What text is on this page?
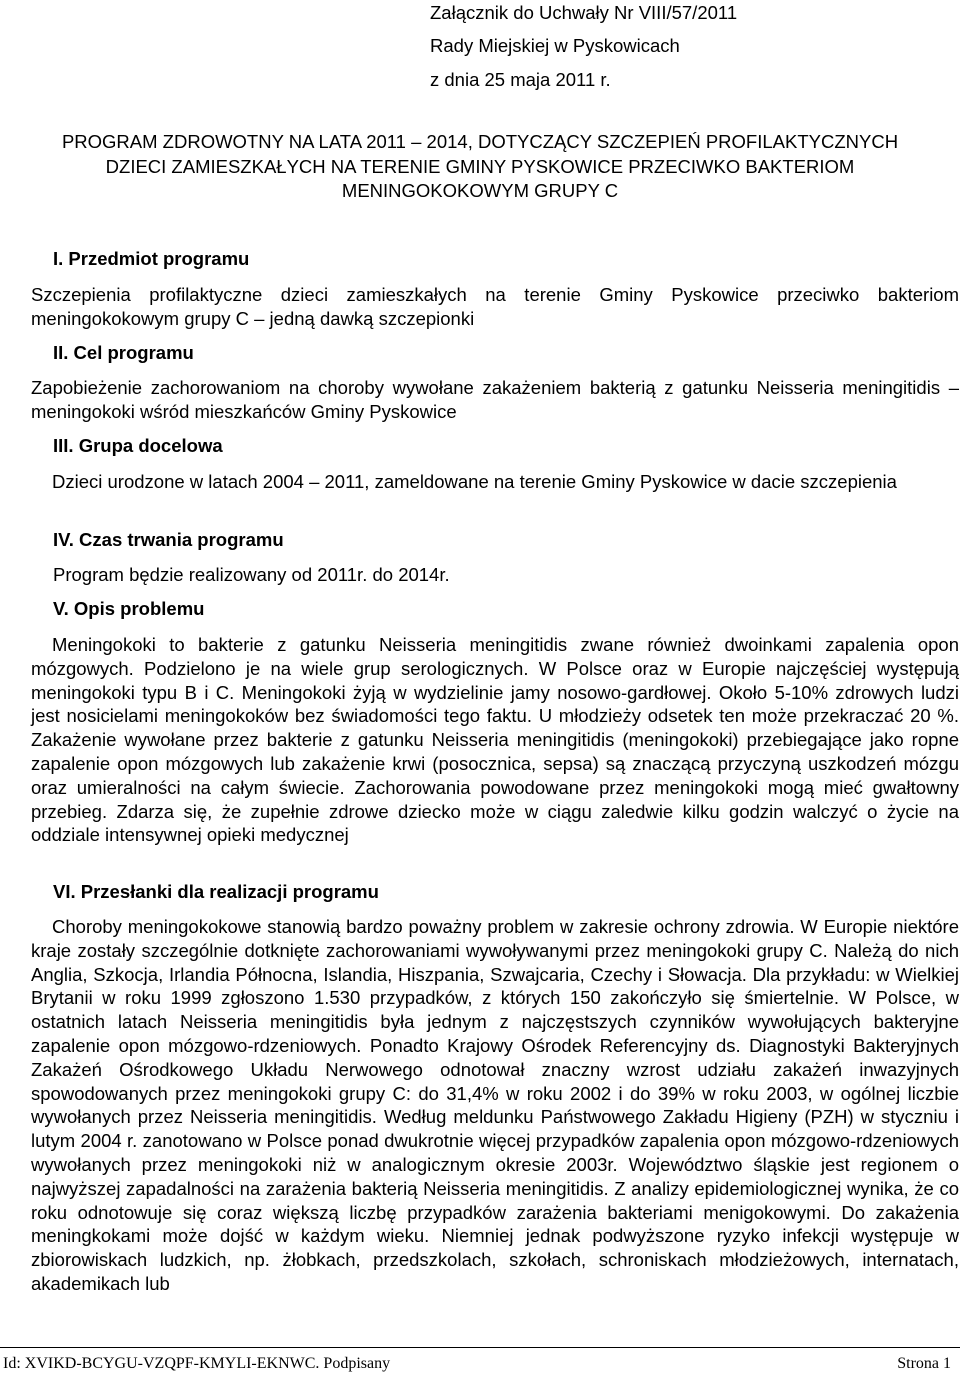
Załącznik do Uchwały Nr VIII/57/2011
Rady Miejskiej w Pyskowicach
z dnia 25 maja 2011 r.
PROGRAM ZDROWOTNY NA LATA 2011 – 2014, DOTYCZĄCY SZCZEPIEŃ PROFILAKTYCZNYCH
DZIECI ZAMIESZKAŁYCH NA TERENIE GMINY PYSKOWICE PRZECIWKO BAKTERIOM
MENINGOKOKOWYM GRUPY C
I. Przedmiot programu
Szczepienia profilaktyczne dzieci zamieszkałych na terenie Gminy Pyskowice przeciwko bakteriom meningokokowym grupy C – jedną dawką szczepionki
II. Cel programu
Zapobieżenie zachorowaniom na choroby wywołane zakażeniem bakterią z gatunku Neisseria meningitidis – meningokoki wśród mieszkańców Gminy Pyskowice
III. Grupa docelowa
Dzieci urodzone w latach 2004 – 2011, zameldowane na terenie Gminy Pyskowice w dacie szczepienia
IV. Czas trwania programu
Program będzie realizowany od 2011r. do 2014r.
V. Opis problemu
Meningokoki to bakterie z gatunku Neisseria meningitidis zwane również dwoinkami zapalenia opon mózgowych. Podzielono je na wiele grup serologicznych. W Polsce oraz w Europie najczęściej występują meningokoki typu B i C. Meningokoki żyją w wydzielinie jamy nosowo-gardłowej. Około 5-10% zdrowych ludzi jest nosicielami meningokoków bez świadomości tego faktu. U młodzieży odsetek ten może przekraczać 20 %. Zakażenie wywołane przez bakterie z gatunku Neisseria meningitidis (meningokoki) przebiegające jako ropne zapalenie opon mózgowych lub zakażenie krwi (posocznica, sepsa) są znaczącą przyczyną uszkodzeń mózgu oraz umieralności na całym świecie. Zachorowania powodowane przez meningokoki mogą mieć gwałtowny przebieg. Zdarza się, że zupełnie zdrowe dziecko może w ciągu zaledwie kilku godzin walczyć o życie na oddziale intensywnej opieki medycznej
VI. Przesłanki dla realizacji programu
Choroby meningokokowe stanowią bardzo poważny problem w zakresie ochrony zdrowia. W Europie niektóre kraje zostały szczególnie dotknięte zachorowaniami wywoływanymi przez meningokoki grupy C. Należą do nich Anglia, Szkocja, Irlandia Północna, Islandia, Hiszpania, Szwajcaria, Czechy i Słowacja. Dla przykładu: w Wielkiej Brytanii w roku 1999 zgłoszono 1.530 przypadków, z których 150 zakończyło się śmiertelnie. W Polsce, w ostatnich latach Neisseria meningitidis była jednym z najczęstszych czynników wywołujących bakteryjne zapalenie opon mózgowo-rdzeniowych. Ponadto Krajowy Ośrodek Referencyjny ds. Diagnostyki Bakteryjnych Zakażeń Ośrodkowego Układu Nerwowego odnotował znaczny wzrost udziału zakażeń inwazyjnych spowodowanych przez meningokoki grupy C: do 31,4% w roku 2002 i do 39% w roku 2003, w ogólnej liczbie wywołanych przez Neisseria meningitidis. Według meldunku Państwowego Zakładu Higieny (PZH) w styczniu i lutym 2004 r. zanotowano w Polsce ponad dwukrotnie więcej przypadków zapalenia opon mózgowo-rdzeniowych wywołanych przez meningokoki niż w analogicznym okresie 2003r. Województwo śląskie jest regionem o najwyższej zapadalności na zarażenia bakterią Neisseria meningitidis. Z analizy epidemiologicznej wynika, że co roku odnotowuje się coraz większą liczbę przypadków zarażenia bakteriami menigokowymi. Do zakażenia meningkokami może dojść w każdym wieku. Niemniej jednak podwyższone ryzyko infekcji występuje w zbiorowiskach ludzkich, np. żłobkach, przedszkolach, szkołach, schroniskach młodzieżowych, internatach, akademikach lub
Id: XVIKD-BCYGU-VZQPF-KMYLI-EKNWC. Podpisany	Strona 1
